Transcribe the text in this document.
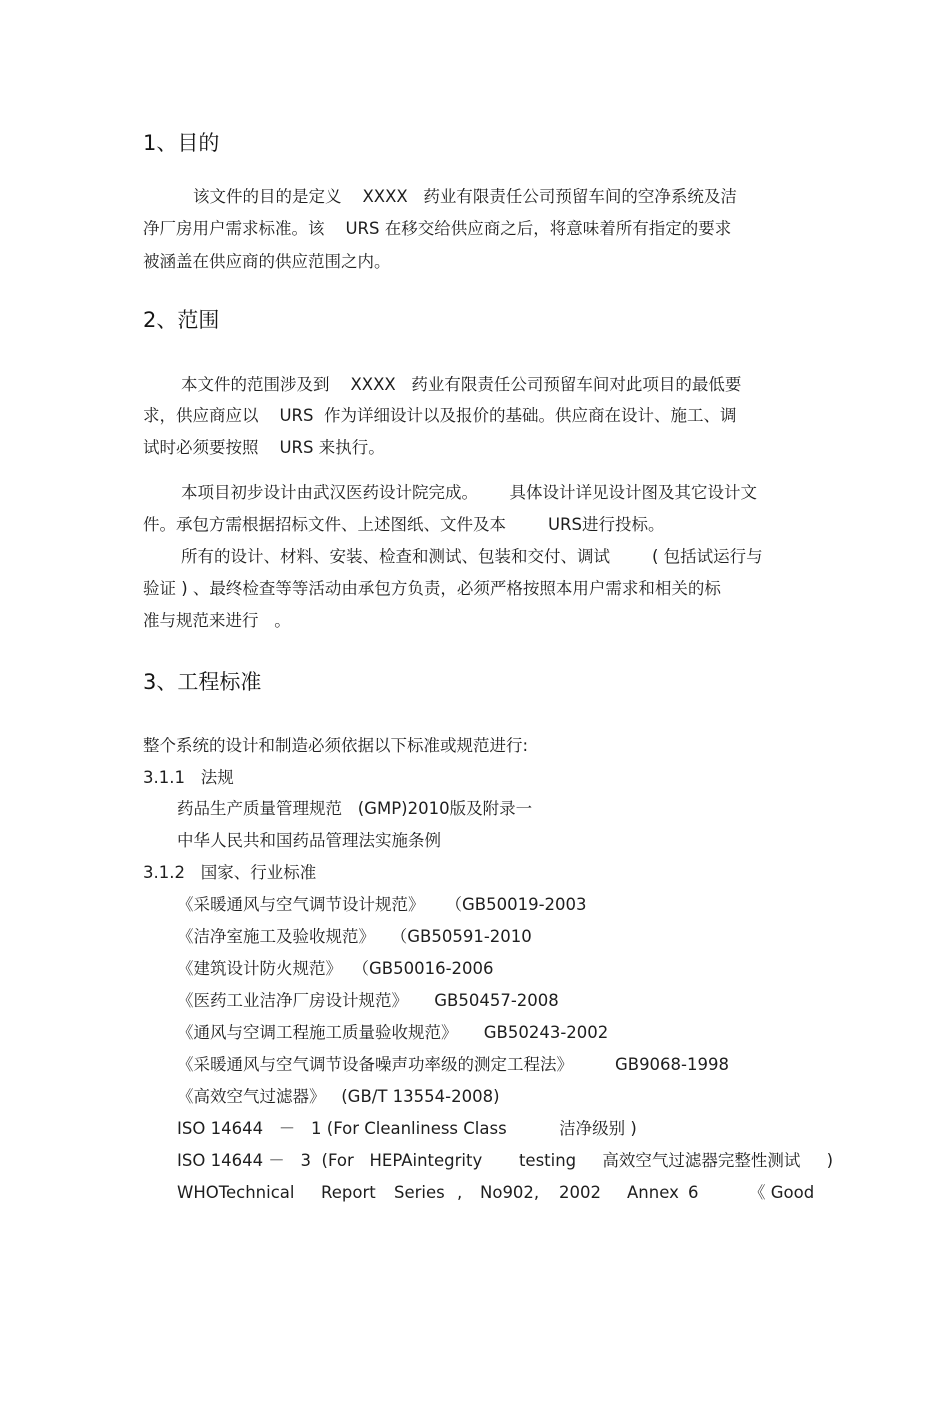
1、目的
该文件的目的是定义    XXXX   药业有限责任公司预留车间的空净系统及洁
净厂房用户需求标准。该    URS 在移交给供应商之后，将意味着所有指定的要求
被涵盖在供应商的供应范围之内。
2、范围
本文件的范围涉及到    XXXX   药业有限责任公司预留车间对此项目的最低要
求，供应商应以    URS  作为详细设计以及报价的基础。供应商在设计、施工、调
试时必须要按照    URS 来执行。
本项目初步设计由武汉医药设计院完成。      具体设计详见设计图及其它设计文
件。承包方需根据招标文件、上述图纸、文件及本        URS进行投标。
所有的设计、材料、安装、检查和测试、包装和交付、调试        ( 包括试运行与
验证 ) 、最终检查等等活动由承包方负责，必须严格按照本用户需求和相关的标
准与规范来进行   。
3、工程标准
整个系统的设计和制造必须依据以下标准或规范进行:
3.1.1   法规
药品生产质量管理规范   (GMP)2010版及附录一
中华人民共和国药品管理法实施条例
3.1.2   国家、行业标准
《采暖通风与空气调节设计规范》    （GB50019-2003
《洁净室施工及验收规范》   （GB50591-2010
《建筑设计防火规范》  （GB50016-2006
《医药工业洁净厂房设计规范》     GB50457-2008
《通风与空调工程施工质量验收规范》     GB50243-2002
《采暖通风与空气调节设备噪声功率级的测定工程法》        GB9068-1998
《高效空气过滤器》   (GB/T 13554-2008)
ISO 14644   －   1 (For Cleanliness Class          洁净级别 )
ISO 14644 －   3  (For   HEPAintegrity       testing     高效空气过滤器完整性测试     )

WHOTechnical

Report

Series

,

No902,

2002

Annex

6

	《 Good
